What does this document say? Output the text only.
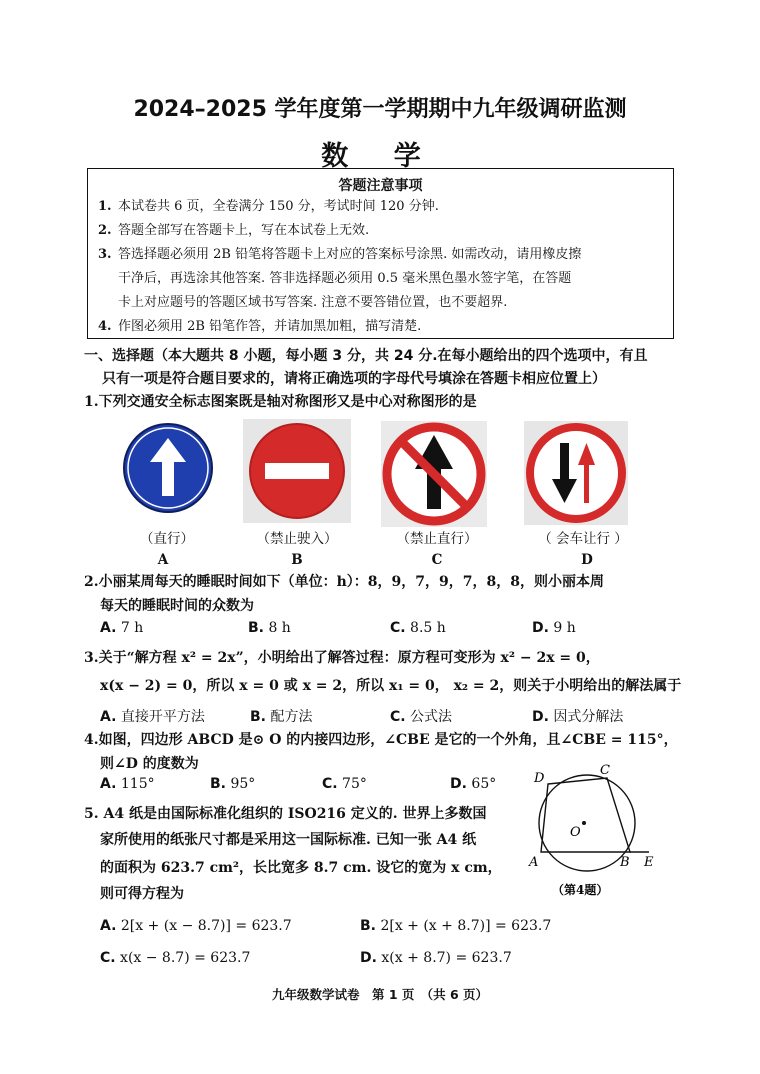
2024–2025 学年度第一学期期中九年级调研监测
数 学
答题注意事项
1. 本试卷共 6 页，全卷满分 150 分，考试时间 120 分钟.
2. 答题全部写在答题卡上，写在本试卷上无效.
3. 答选择题必须用 2B 铅笔将答题卡上对应的答案标号涂黑. 如需改动，请用橡皮擦
干净后，再选涂其他答案. 答非选择题必须用 0.5 毫米黑色墨水签字笔，在答题
卡上对应题号的答题区域书写答案. 注意不要答错位置，也不要超界.
4. 作图必须用 2B 铅笔作答，并请加黑加粗，描写清楚.
一、选择题（本大题共 8 小题，每小题 3 分，共 24 分.在每小题给出的四个选项中，有且
只有一项是符合题目要求的，请将正确选项的字母代号填涂在答题卡相应位置上）
1.下列交通安全标志图案既是轴对称图形又是中心对称图形的是
（直行）	（禁止驶入）	（禁止直行）	（ 会车让行 ）
A	B	C	D
2.小丽某周每天的睡眠时间如下（单位：h）：8，9，7，9，7，8，8，则小丽本周
每天的睡眠时间的众数为
A. 7 h	B. 8 h	C. 8.5 h	D. 9 h
3.关于“解方程 x² = 2x”，小明给出了解答过程：原方程可变形为 x² − 2x = 0，
x(x − 2) = 0，所以 x = 0 或 x = 2，所以 x₁ = 0， x₂ = 2，则关于小明给出的解法属于
A. 直接开平方法	B. 配方法	C. 公式法	D. 因式分解法
4.如图，四边形 ABCD 是⊙ O 的内接四边形，∠CBE 是它的一个外角，且∠CBE = 115°，
则∠D 的度数为
A. 115°	B. 95°	C. 75°	D. 65°	D
C
O
A	B E
（第4题）
5. A4 纸是由国际标准化组织的 ISO216 定义的. 世界上多数国
家所使用的纸张尺寸都是采用这一国际标准. 已知一张 A4 纸
的面积为 623.7 cm²，长比宽多 8.7 cm. 设它的宽为 x cm，
则可得方程为
A. 2[x + (x − 8.7)] = 623.7	B. 2[x + (x + 8.7)] = 623.7
C. x(x − 8.7) = 623.7	D. x(x + 8.7) = 623.7
九年级数学试卷　第 1 页　（共 6 页）
